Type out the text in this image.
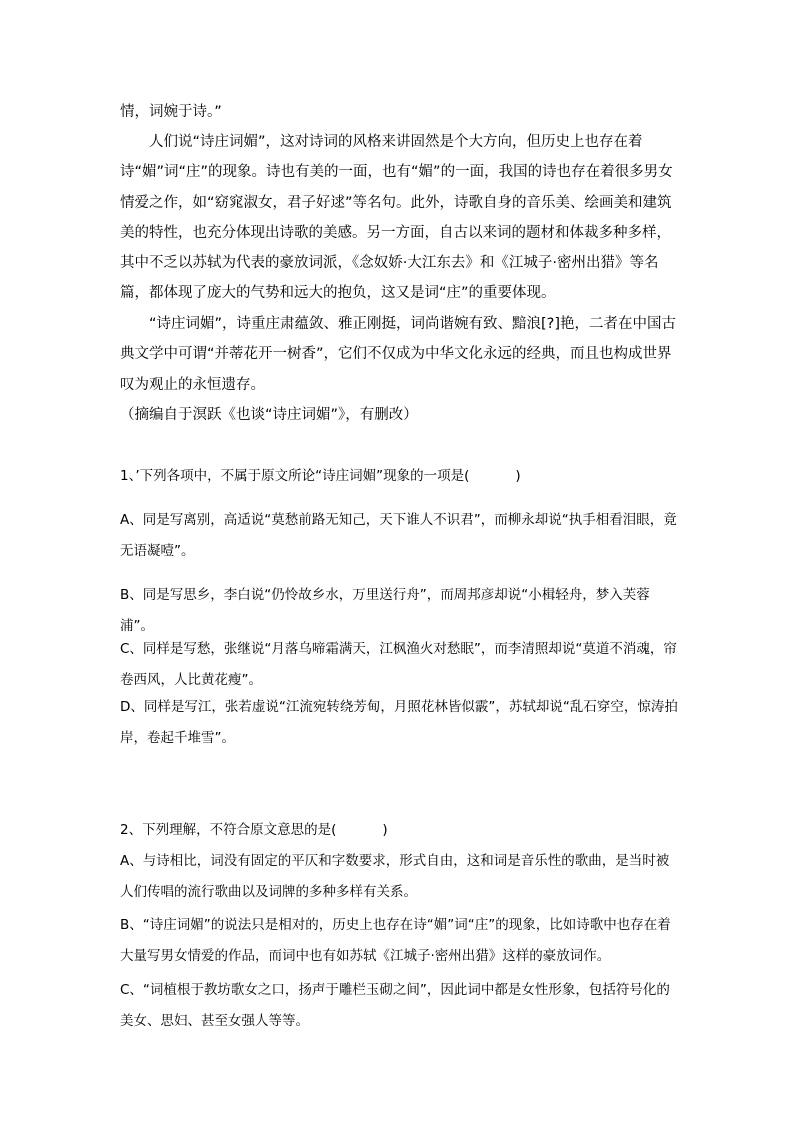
情，词婉于诗。”

人们说“诗庄词媚”，这对诗词的风格来讲固然是个大方向，但历史上也存在着诗“媚”词“庄”的现象。诗也有美的一面，也有“媚”的一面，我国的诗也存在着很多男女情爱之作，如“窈窕淑女，君子好逑”等名句。此外，诗歌自身的音乐美、绘画美和建筑美的特性，也充分体现出诗歌的美感。另一方面，自古以来词的题材和体裁多种多样，其中不乏以苏轼为代表的豪放词派，《念奴娇·大江东去》和《江城子·密州出猎》等名篇，都体现了庞大的气势和远大的抱负，这又是词“庄”的重要体现。

“诗庄词媚”，诗重庄肃蕴敛、雅正刚挺，词尚谐婉有致、黯浪[?]艳，二者在中国古典文学中可谓“并蒂花开一树香”，它们不仅成为中华文化永远的经典，而且也构成世界叹为观止的永恒遗存。

（摘编自于溟跃《也谈“诗庄词媚”》，有删改）

1、’下列各项中，不属于原文所论“诗庄词媚”现象的一项是(	)

A、同是写离别，高适说“莫愁前路无知己，天下谁人不识君”，而柳永却说“执手相看泪眼，竟无语凝噎”。

B、同是写思乡，李白说“仍怜故乡水，万里送行舟”，而周邦彦却说“小楫轻舟，梦入芙蓉浦”。

C、同样是写愁，张继说“月落乌啼霜满天，江枫渔火对愁眠”，而李清照却说“莫道不消魂，帘卷西风，人比黄花瘦”。

D、同样是写江，张若虚说“江流宛转绕芳甸，月照花林皆似霰”，苏轼却说“乱石穿空，惊涛拍岸，卷起千堆雪”。

2、下列理解，不符合原文意思的是(	)

A、与诗相比，词没有固定的平仄和字数要求，形式自由，这和词是音乐性的歌曲，是当时被人们传唱的流行歌曲以及词牌的多种多样有关系。

B、“诗庄词媚”的说法只是相对的，历史上也存在诗“媚”词“庄”的现象，比如诗歌中也存在着大量写男女情爱的作品，而词中也有如苏轼《江城子·密州出猎》这样的豪放词作。

C、“词植根于教坊歌女之口，扬声于雕栏玉砌之间”，因此词中都是女性形象，包括符号化的美女、思妇、甚至女强人等等。
